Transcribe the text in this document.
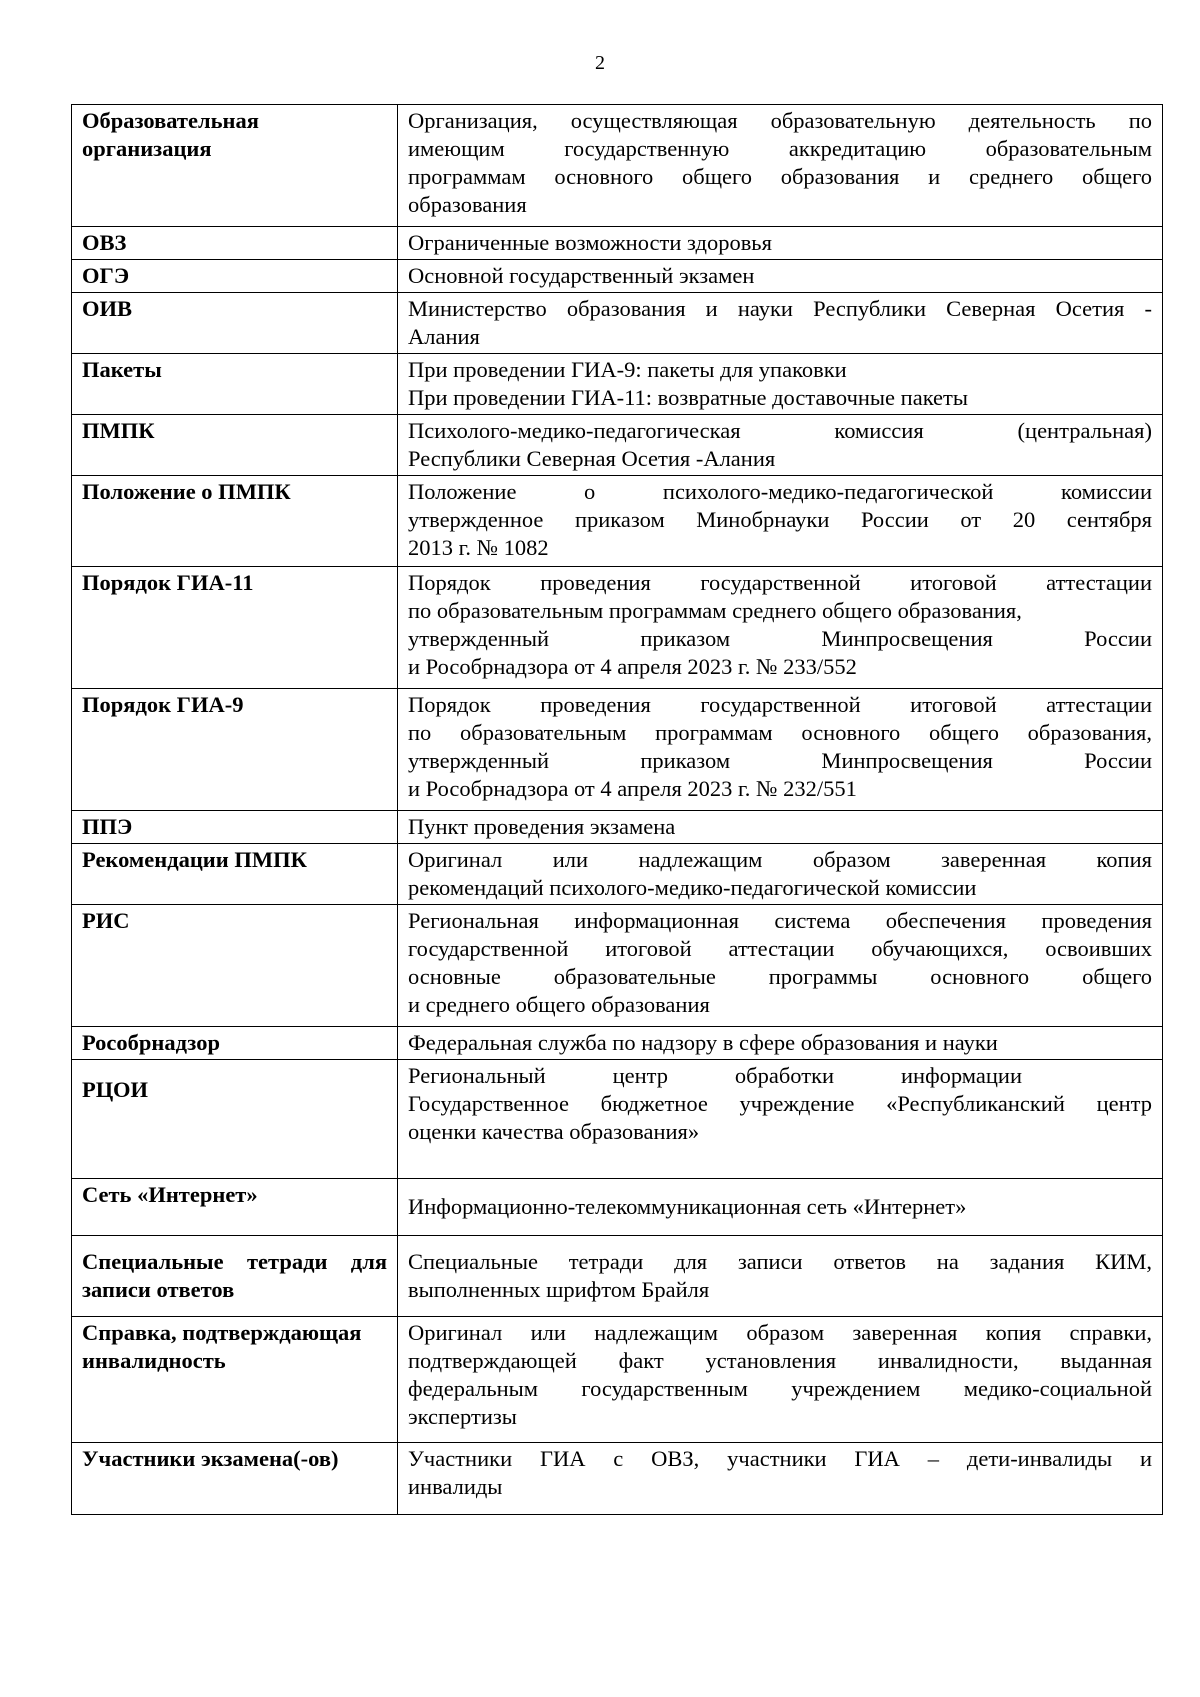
2
Образовательная организация	Организация, осуществляющая образовательную деятельность по
имеющим государственную аккредитацию образовательным
программам основного общего образования и среднего общего
образования

ОВЗ	Ограниченные возможности здоровья

ОГЭ	Основной государственный экзамен

ОИВ	Министерство образования и науки Республики Северная Осетия -
Алания

Пакеты	При проведении ГИА-9: пакеты для упаковки
При проведении ГИА-11: возвратные доставочные пакеты

ПМПК	Психолого-медико-педагогическая комиссия (центральная)
Республики Северная Осетия -Алания

Положение о ПМПК	Положение о психолого-медико-педагогической комиссии
утвержденное приказом Минобрнауки России от 20 сентября
2013 г. № 1082

Порядок ГИА-11	Порядок проведения государственной итоговой аттестации
по образовательным программам среднего общего образования,
утвержденный приказом Минпросвещения России
и Рособрнадзора от 4 апреля 2023 г. № 233/552

Порядок ГИА-9	Порядок проведения государственной итоговой аттестации
по образовательным программам основного общего образования,
утвержденный приказом Минпросвещения России
и Рособрнадзора от 4 апреля 2023 г. № 232/551

ППЭ	Пункт проведения экзамена

Рекомендации ПМПК	Оригинал или надлежащим образом заверенная копия
рекомендаций психолого-медико-педагогической комиссии

РИС	Региональная информационная система обеспечения проведения
государственной итоговой аттестации обучающихся, освоивших
основные образовательные программы основного общего
и среднего общего образования

Рособрнадзор	Федеральная служба по надзору в сфере образования и науки

РЦОИ	Региональный центр обработки информации
Государственное бюджетное учреждение «Республиканский центр
оценки качества образования»

Сеть «Интернет»	Информационно-телекоммуникационная сеть «Интернет»

Специальные тетради для записи ответов	Специальные тетради для записи ответов на задания КИМ,
выполненных шрифтом Брайля

Справка, подтверждающая инвалидность	Оригинал или надлежащим образом заверенная копия справки,
подтверждающей факт установления инвалидности, выданная
федеральным государственным учреждением медико-социальной
экспертизы

Участники экзамена(-ов)	Участники ГИА с ОВЗ, участники ГИА – дети-инвалиды и
инвалиды
